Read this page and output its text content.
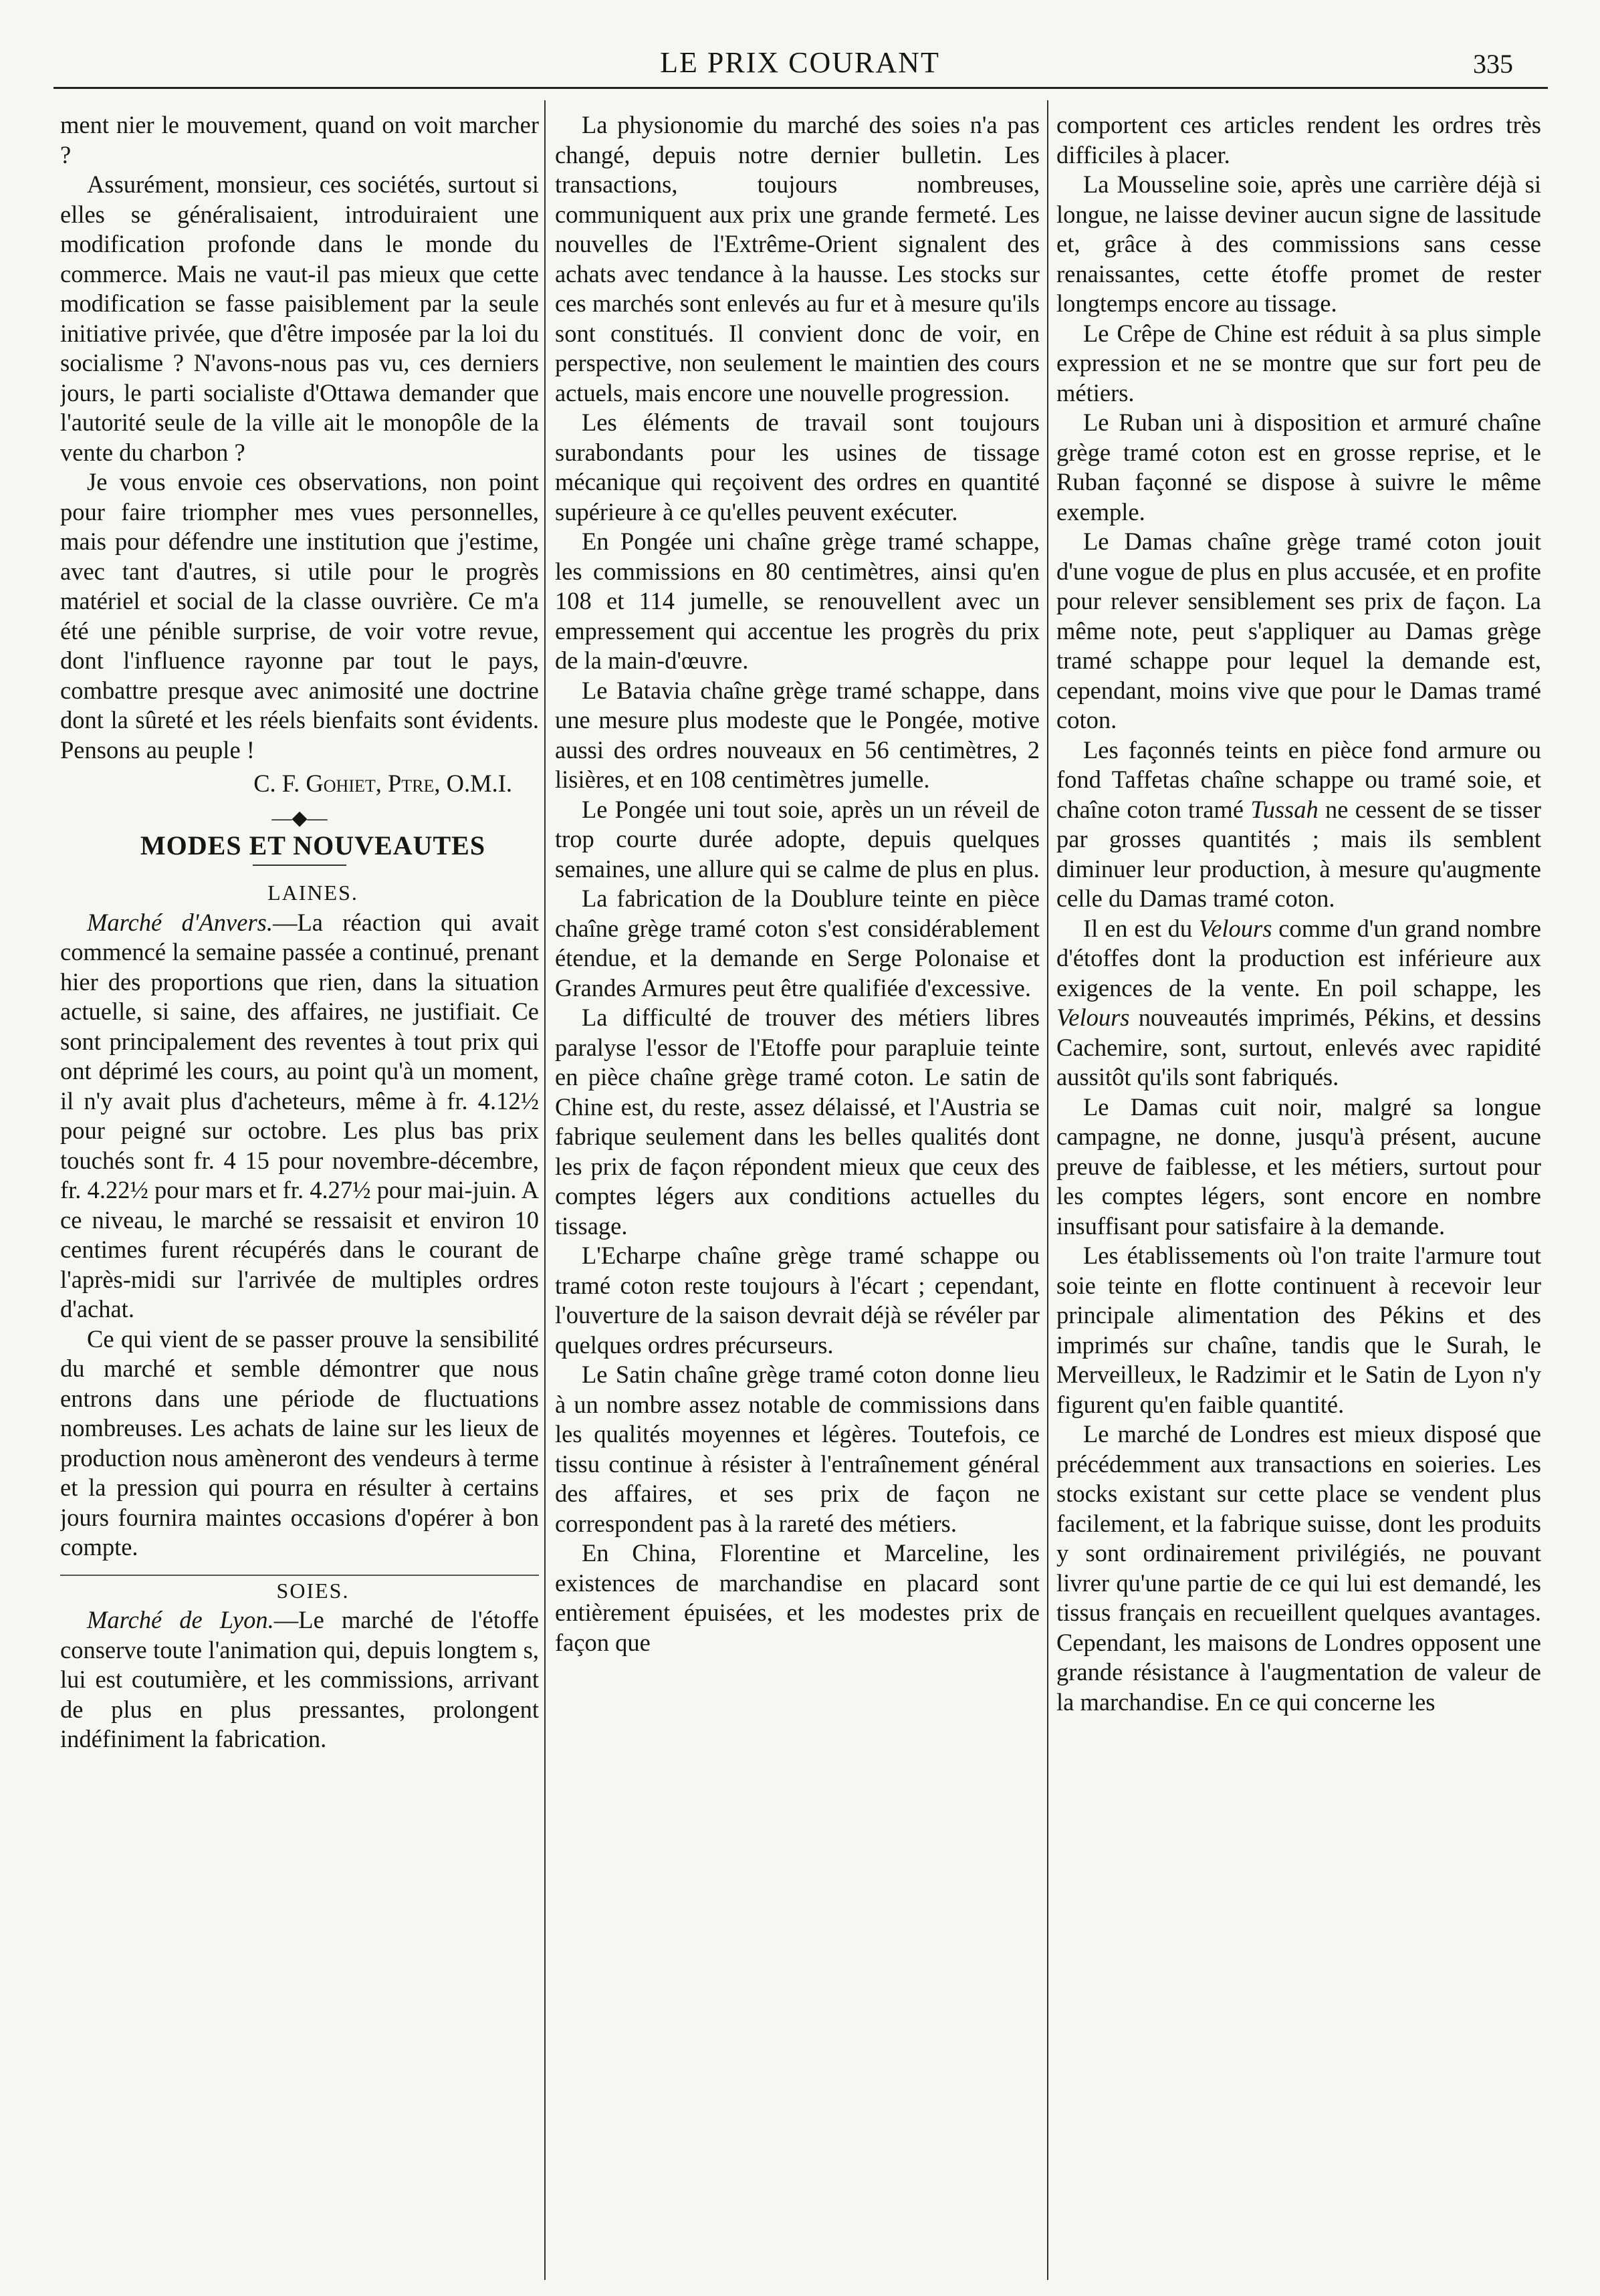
LE PRIX COURANT	335

ment nier le mouvement, quand on voit marcher ?

Assurément, monsieur, ces sociétés, surtout si elles se généralisaient, introduiraient une modification profonde dans le monde du commerce. Mais ne vaut-il pas mieux que cette modification se fasse paisiblement par la seule initiative privée, que d'être imposée par la loi du socialisme ? N'avons-nous pas vu, ces derniers jours, le parti socialiste d'Ottawa demander que l'autorité seule de la ville ait le monopôle de la vente du charbon ?

Je vous envoie ces observations, non point pour faire triompher mes vues personnelles, mais pour défendre une institution que j'estime, avec tant d'autres, si utile pour le progrès matériel et social de la classe ouvrière. Ce m'a été une pénible surprise, de voir votre revue, dont l'influence rayonne par tout le pays, combattre presque avec animosité une doctrine dont la sûreté et les réels bienfaits sont évidents. Pensons au peuple !

C. F. Gohiet, Ptre, O.M.I.

—◆—

MODES ET NOUVEAUTES

LAINES.

Marché d'Anvers.—La réaction qui avait commencé la semaine passée a continué, prenant hier des proportions que rien, dans la situation actuelle, si saine, des affaires, ne justifiait. Ce sont principalement des reventes à tout prix qui ont déprimé les cours, au point qu'à un moment, il n'y avait plus d'acheteurs, même à fr. 4.12½ pour peigné sur octobre. Les plus bas prix touchés sont fr. 4 15 pour novembre-décembre, fr. 4.22½ pour mars et fr. 4.27½ pour mai-juin. A ce niveau, le marché se ressaisit et environ 10 centimes furent récupérés dans le courant de l'après-midi sur l'arrivée de multiples ordres d'achat.

Ce qui vient de se passer prouve la sensibilité du marché et semble démontrer que nous entrons dans une période de fluctuations nombreuses. Les achats de laine sur les lieux de production nous amèneront des vendeurs à terme et la pression qui pourra en résulter à certains jours fournira maintes occasions d'opérer à bon compte.

SOIES.

Marché de Lyon.—Le marché de l'étoffe conserve toute l'animation qui, depuis longtem s, lui est coutumière, et les commissions, arrivant de plus en plus pressantes, prolongent indéfiniment la fabrication.

La physionomie du marché des soies n'a pas changé, depuis notre dernier bulletin. Les transactions, toujours nombreuses, communiquent aux prix une grande fermeté. Les nouvelles de l'Extrême-Orient signalent des achats avec tendance à la hausse. Les stocks sur ces marchés sont enlevés au fur et à mesure qu'ils sont constitués. Il convient donc de voir, en perspective, non seulement le maintien des cours actuels, mais encore une nouvelle progression.

Les éléments de travail sont toujours surabondants pour les usines de tissage mécanique qui reçoivent des ordres en quantité supérieure à ce qu'elles peuvent exécuter.

En Pongée uni chaîne grège tramé schappe, les commissions en 80 centimètres, ainsi qu'en 108 et 114 jumelle, se renouvellent avec un empressement qui accentue les progrès du prix de la main-d'œuvre.

Le Batavia chaîne grège tramé schappe, dans une mesure plus modeste que le Pongée, motive aussi des ordres nouveaux en 56 centimètres, 2 lisières, et en 108 centimètres jumelle.

Le Pongée uni tout soie, après un un réveil de trop courte durée adopte, depuis quelques semaines, une allure qui se calme de plus en plus.

La fabrication de la Doublure teinte en pièce chaîne grège tramé coton s'est considérablement étendue, et la demande en Serge Polonaise et Grandes Armures peut être qualifiée d'excessive.

La difficulté de trouver des métiers libres paralyse l'essor de l'Etoffe pour parapluie teinte en pièce chaîne grège tramé coton. Le satin de Chine est, du reste, assez délaissé, et l'Austria se fabrique seulement dans les belles qualités dont les prix de façon répondent mieux que ceux des comptes légers aux conditions actuelles du tissage.

L'Echarpe chaîne grège tramé schappe ou tramé coton reste toujours à l'écart ; cependant, l'ouverture de la saison devrait déjà se révéler par quelques ordres précurseurs.

Le Satin chaîne grège tramé coton donne lieu à un nombre assez notable de commissions dans les qualités moyennes et légères. Toutefois, ce tissu continue à résister à l'entraînement général des affaires, et ses prix de façon ne correspondent pas à la rareté des métiers.

En China, Florentine et Marceline, les existences de marchandise en placard sont entièrement épuisées, et les modestes prix de façon que

comportent ces articles rendent les ordres très difficiles à placer.

La Mousseline soie, après une carrière déjà si longue, ne laisse deviner aucun signe de lassitude et, grâce à des commissions sans cesse renaissantes, cette étoffe promet de rester longtemps encore au tissage.

Le Crêpe de Chine est réduit à sa plus simple expression et ne se montre que sur fort peu de métiers.

Le Ruban uni à disposition et armuré chaîne grège tramé coton est en grosse reprise, et le Ruban façonné se dispose à suivre le même exemple.

Le Damas chaîne grège tramé coton jouit d'une vogue de plus en plus accusée, et en profite pour relever sensiblement ses prix de façon. La même note, peut s'appliquer au Damas grège tramé schappe pour lequel la demande est, cependant, moins vive que pour le Damas tramé coton.

Les façonnés teints en pièce fond armure ou fond Taffetas chaîne schappe ou tramé soie, et chaîne coton tramé Tussah ne cessent de se tisser par grosses quantités ; mais ils semblent diminuer leur production, à mesure qu'augmente celle du Damas tramé coton.

Il en est du Velours comme d'un grand nombre d'étoffes dont la production est inférieure aux exigences de la vente. En poil schappe, les Velours nouveautés imprimés, Pékins, et dessins Cachemire, sont, surtout, enlevés avec rapidité aussitôt qu'ils sont fabriqués.

Le Damas cuit noir, malgré sa longue campagne, ne donne, jusqu'à présent, aucune preuve de faiblesse, et les métiers, surtout pour les comptes légers, sont encore en nombre insuffisant pour satisfaire à la demande.

Les établissements où l'on traite l'armure tout soie teinte en flotte continuent à recevoir leur principale alimentation des Pékins et des imprimés sur chaîne, tandis que le Surah, le Merveilleux, le Radzimir et le Satin de Lyon n'y figurent qu'en faible quantité.

Le marché de Londres est mieux disposé que précédemment aux transactions en soieries. Les stocks existant sur cette place se vendent plus facilement, et la fabrique suisse, dont les produits y sont ordinairement privilégiés, ne pouvant livrer qu'une partie de ce qui lui est demandé, les tissus français en recueillent quelques avantages. Cependant, les maisons de Londres opposent une grande résistance à l'augmentation de valeur de la marchandise. En ce qui concerne les
